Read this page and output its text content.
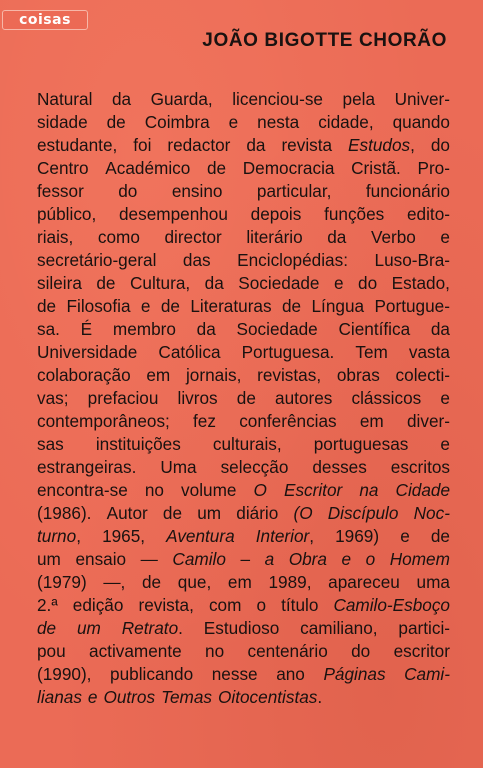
coisas
JOÃO BIGOTTE CHORÃO
Natural da Guarda, licenciou-se pela Univer-
sidade de Coimbra e nesta cidade, quando
estudante, foi redactor da revista Estudos, do
Centro Académico de Democracia Cristã. Pro-
fessor do ensino particular, funcionário
público, desempenhou depois funções edito-
riais, como director literário da Verbo e
secretário-geral das Enciclopédias: Luso-Bra-
sileira de Cultura, da Sociedade e do Estado,
de Filosofia e de Literaturas de Língua Portugue-
sa. É membro da Sociedade Científica da
Universidade Católica Portuguesa. Tem vasta
colaboração em jornais, revistas, obras colecti-
vas; prefaciou livros de autores clássicos e
contemporâneos; fez conferências em diver-
sas instituições culturais, portuguesas e
estrangeiras. Uma selecção desses escritos
encontra-se no volume O Escritor na Cidade
(1986). Autor de um diário (O Discípulo Noc-
turno, 1965, Aventura Interior, 1969) e de
um ensaio — Camilo – a Obra e o Homem
(1979) —, de que, em 1989, apareceu uma
2.ª edição revista, com o título Camilo-Esboço
de um Retrato. Estudioso camiliano, partici-
pou activamente no centenário do escritor
(1990), publicando nesse ano Páginas Cami-
lianas e Outros Temas Oitocentistas.
